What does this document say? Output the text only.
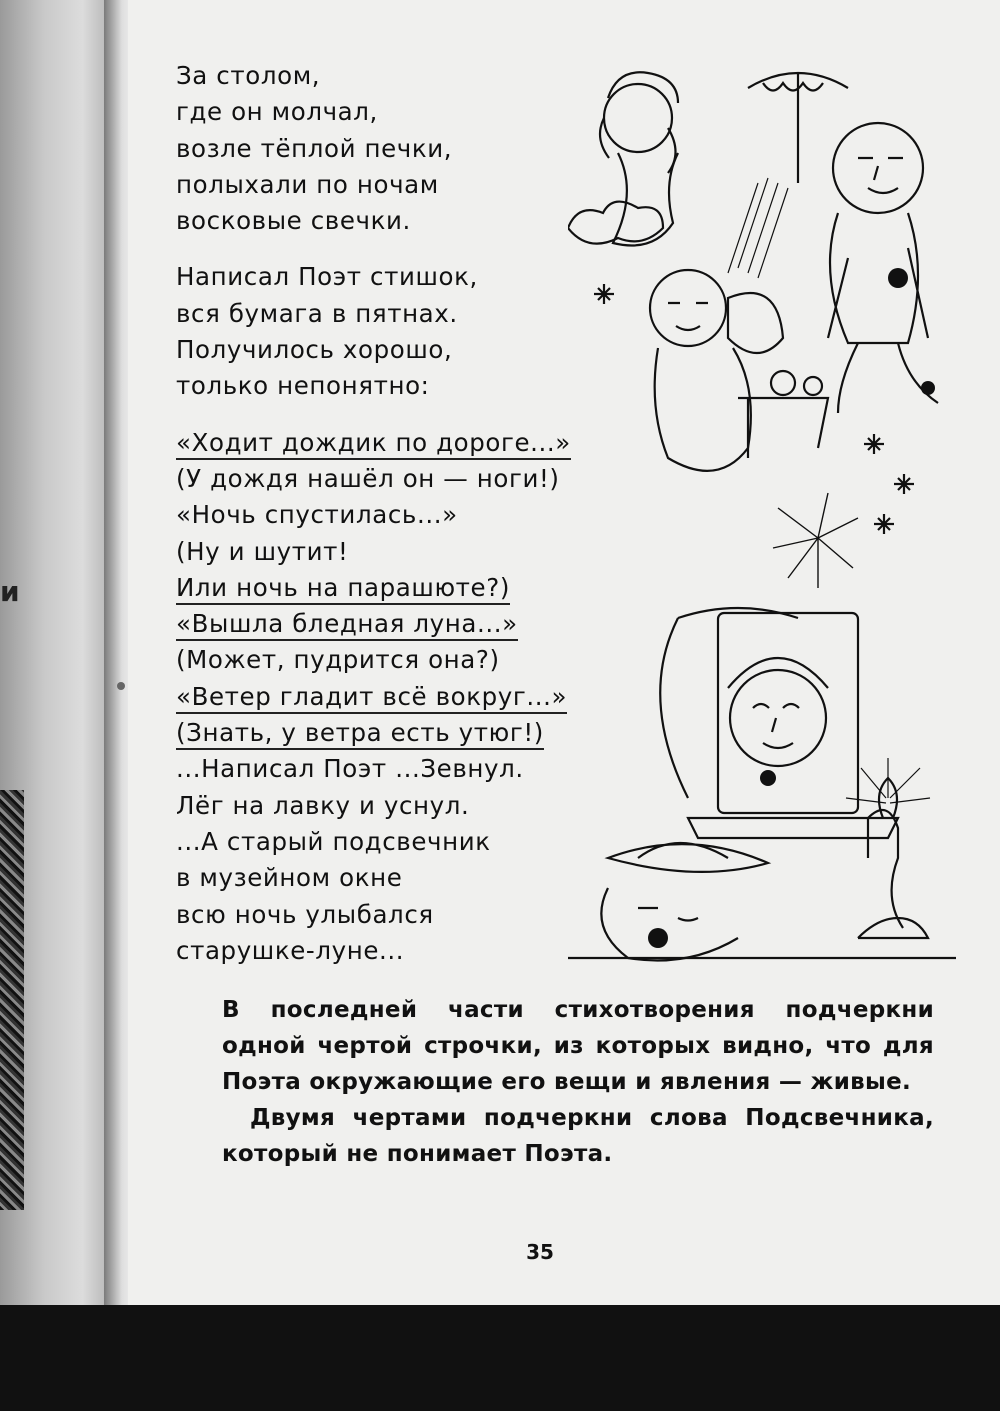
и
За столом,
где он молчал,
возле тёплой печки,
полыхали по ночам
восковые свечки.
Написал Поэт стишок,
вся бумага в пятнах.
Получилось хорошо,
только непонятно:
«Ходит дождик по дороге...»
(У дождя нашёл он — ноги!)
«Ночь спустилась...»
(Ну и шутит!
Или ночь на парашюте?)
«Вышла бледная луна...»
(Может, пудрится она?)
«Ветер гладит всё вокруг...»
(Знать, у ветра есть утюг!)
...Написал Поэт ...Зевнул.
Лёг на лавку и уснул.
...А старый подсвечник
в музейном окне
всю ночь улыбался
старушке-луне...

В последней части стихотворения подчеркни одной чертой строчки, из которых видно, что для Поэта окружающие его вещи и явления — живые.

Двумя чертами подчеркни слова Подсвечника, который не понимает Поэта.

35
